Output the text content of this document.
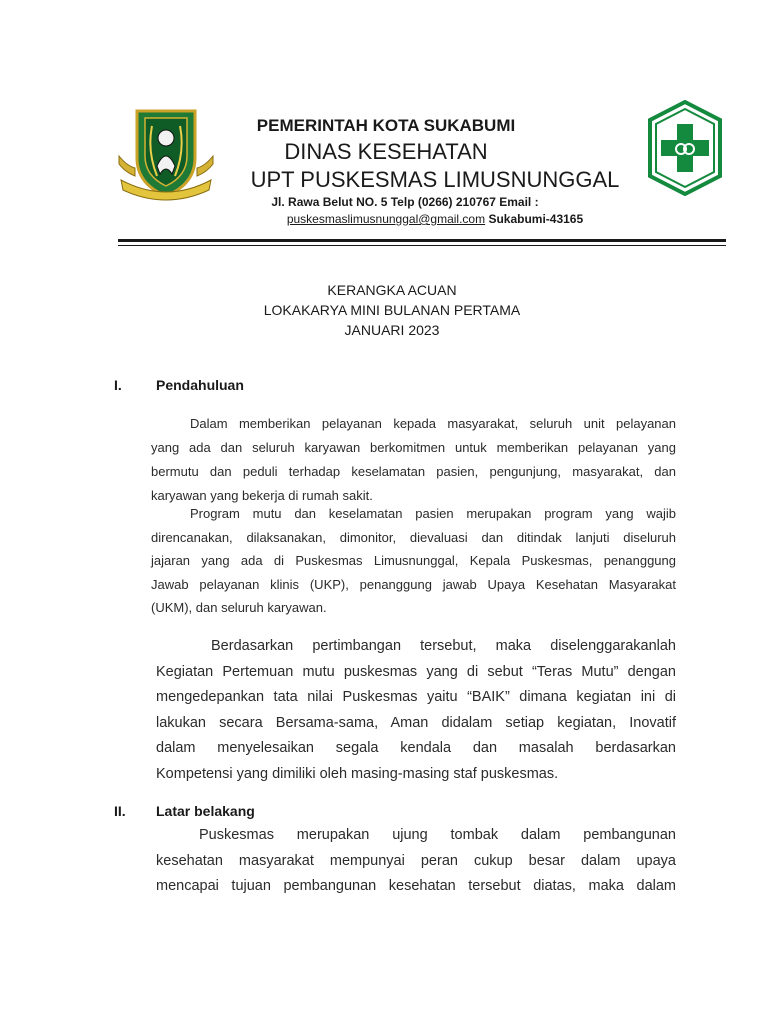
PEMERINTAH KOTA SUKABUMI
DINAS KESEHATAN
UPT PUSKESMAS LIMUSNUNGGAL
Jl. Rawa Belut NO. 5 Telp (0266) 210767 Email :
puskesmaslimusnunggal@gmail.com Sukabumi-43165
KERANGKA ACUAN
LOKAKARYA MINI BULANAN PERTAMA
JANUARI 2023
I. Pendahuluan
Dalam memberikan pelayanan kepada masyarakat, seluruh unit pelayanan
yang ada dan seluruh karyawan berkomitmen untuk memberikan pelayanan yang
bermutu dan peduli terhadap keselamatan pasien, pengunjung, masyarakat, dan
karyawan yang bekerja di rumah sakit.
Program mutu dan keselamatan pasien merupakan program yang wajib
direncanakan, dilaksanakan, dimonitor, dievaluasi dan ditindak lanjuti diseluruh
jajaran yang ada di Puskesmas Limusnunggal, Kepala Puskesmas, penanggung
Jawab pelayanan klinis (UKP), penanggung jawab Upaya Kesehatan Masyarakat
(UKM), dan seluruh karyawan.
Berdasarkan pertimbangan tersebut, maka diselenggarakanlah
Kegiatan Pertemuan mutu puskesmas yang di sebut “Teras Mutu” dengan
mengedepankan tata nilai Puskesmas yaitu “BAIK” dimana kegiatan ini di
lakukan secara Bersama-sama, Aman didalam setiap kegiatan, Inovatif
dalam menyelesaikan segala kendala dan masalah berdasarkan
Kompetensi yang dimiliki oleh masing-masing staf puskesmas.
II. Latar belakang
Puskesmas merupakan ujung tombak dalam pembangunan
kesehatan masyarakat mempunyai peran cukup besar dalam upaya
mencapai tujuan pembangunan kesehatan tersebut diatas, maka dalam
